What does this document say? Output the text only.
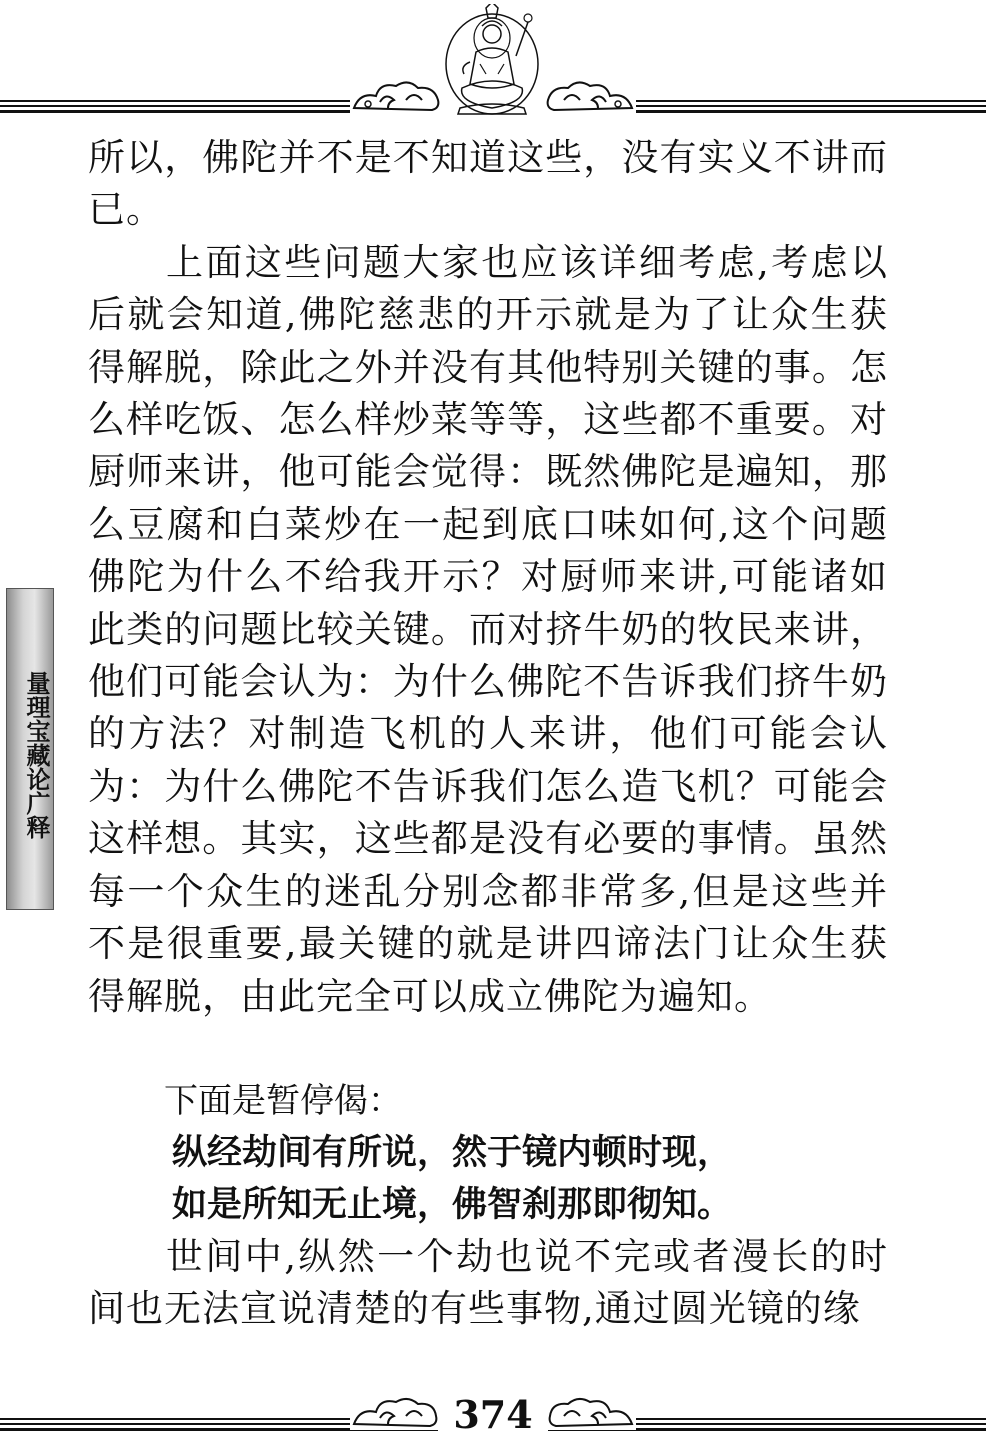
量理宝藏论广释

所以，佛陀并不是不知道这些，没有实义不讲而已。

上面这些问题大家也应该详细考虑,考虑以后就会知道,佛陀慈悲的开示就是为了让众生获得解脱，除此之外并没有其他特别关键的事。怎么样吃饭、怎么样炒菜等等，这些都不重要。对厨师来讲，他可能会觉得：既然佛陀是遍知，那么豆腐和白菜炒在一起到底口味如何,这个问题佛陀为什么不给我开示？对厨师来讲,可能诸如此类的问题比较关键。而对挤牛奶的牧民来讲，他们可能会认为：为什么佛陀不告诉我们挤牛奶的方法？对制造飞机的人来讲，他们可能会认为：为什么佛陀不告诉我们怎么造飞机？可能会这样想。其实，这些都是没有必要的事情。虽然每一个众生的迷乱分别念都非常多,但是这些并不是很重要,最关键的就是讲四谛法门让众生获得解脱，由此完全可以成立佛陀为遍知。

下面是暂停偈：

纵经劫间有所说，然于镜内顿时现，

如是所知无止境，佛智刹那即彻知。

世间中,纵然一个劫也说不完或者漫长的时间也无法宣说清楚的有些事物,通过圆光镜的缘

374
